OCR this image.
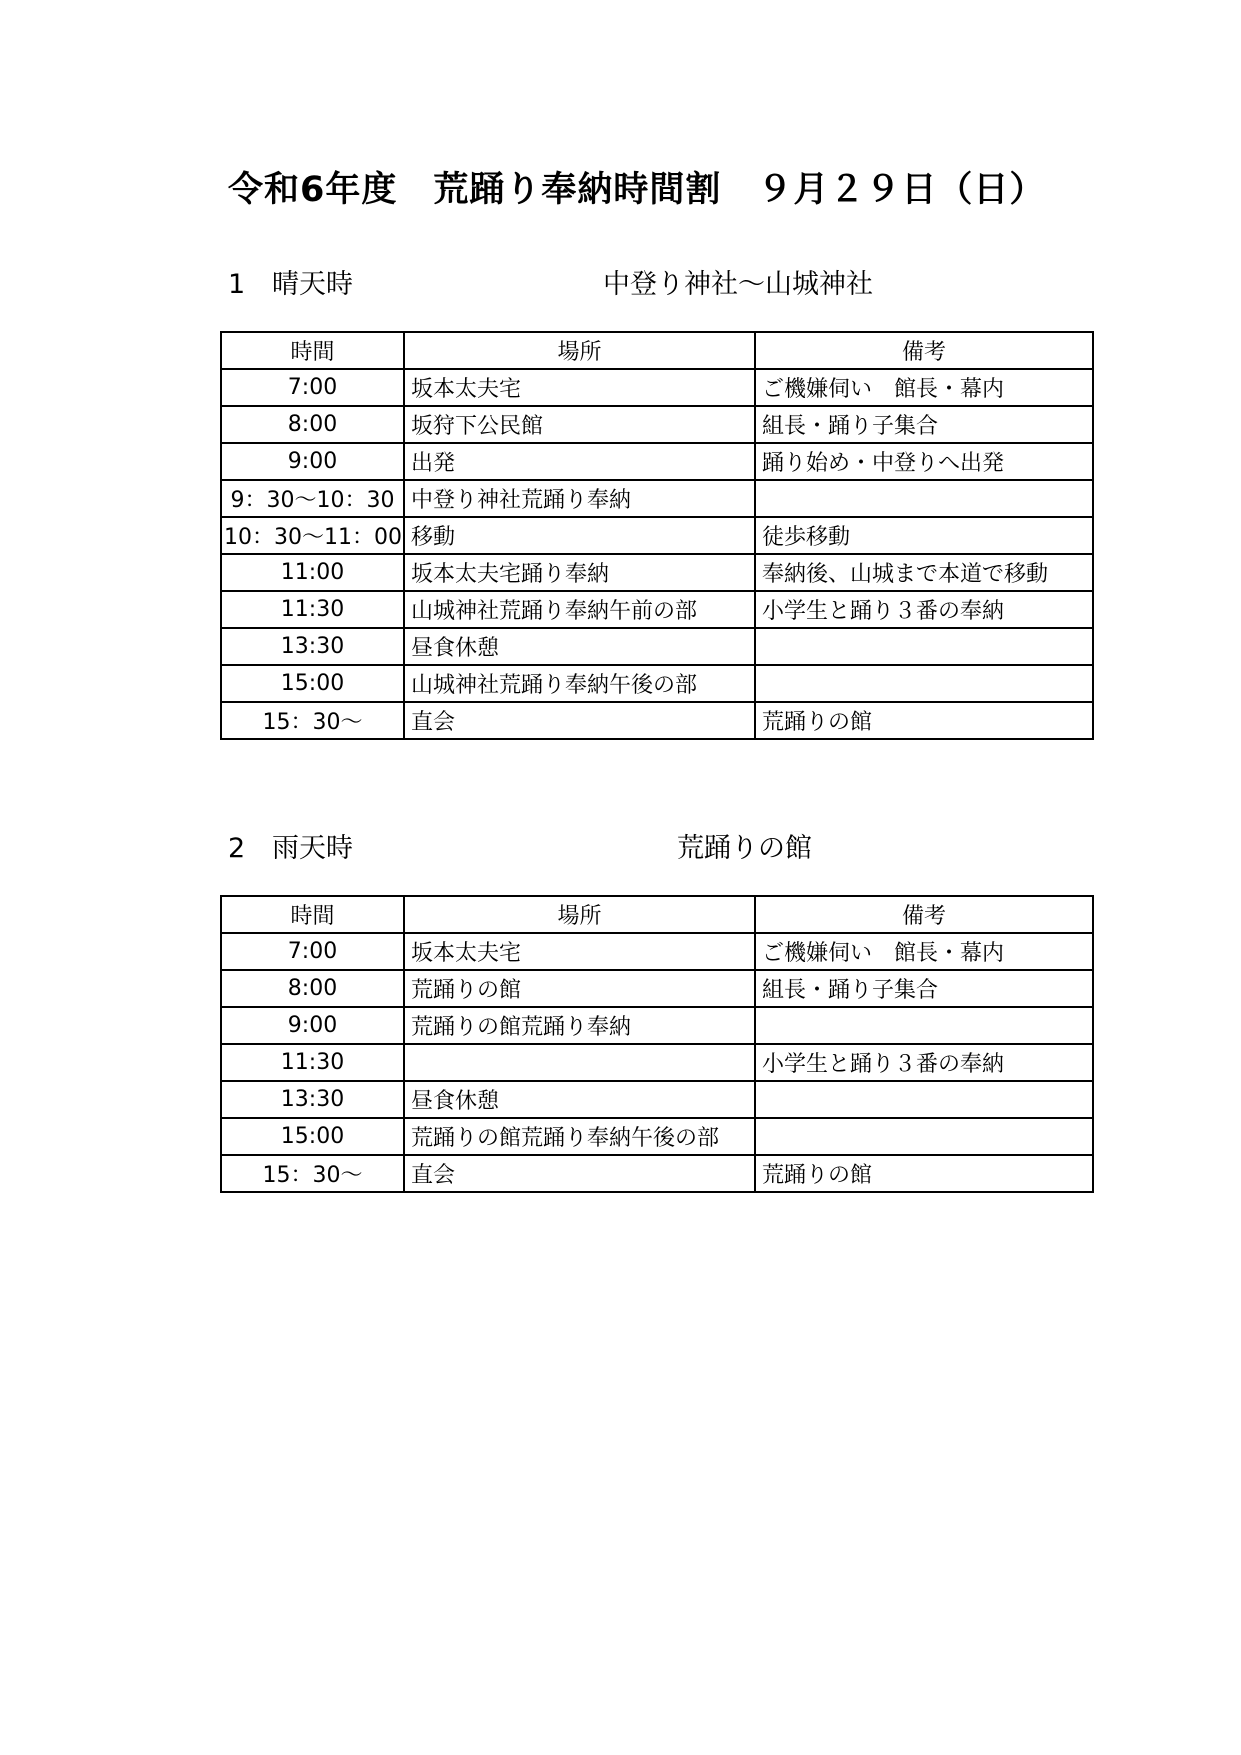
令和6年度　荒踊り奉納時間割　９月２９日（日）
1 晴天時	中登り神社〜山城神社
時間	場所	備考
7:00	坂本太夫宅	ご機嫌伺い　館長・幕内
8:00	坂狩下公民館	組長・踊り子集合
9:00	出発	踊り始め・中登りへ出発
9：30〜10：30	中登り神社荒踊り奉納	
10：30〜11：00	移動	徒歩移動
11:00	坂本太夫宅踊り奉納	奉納後、山城まで本道で移動
11:30	山城神社荒踊り奉納午前の部	小学生と踊り３番の奉納
13:30	昼食休憩	
15:00	山城神社荒踊り奉納午後の部	
15：30〜	直会	荒踊りの館
2 雨天時	荒踊りの館
時間	場所	備考
7:00	坂本太夫宅	ご機嫌伺い　館長・幕内
8:00	荒踊りの館	組長・踊り子集合
9:00	荒踊りの館荒踊り奉納	
11:30		小学生と踊り３番の奉納
13:30	昼食休憩	
15:00	荒踊りの館荒踊り奉納午後の部	
15：30〜	直会	荒踊りの館
